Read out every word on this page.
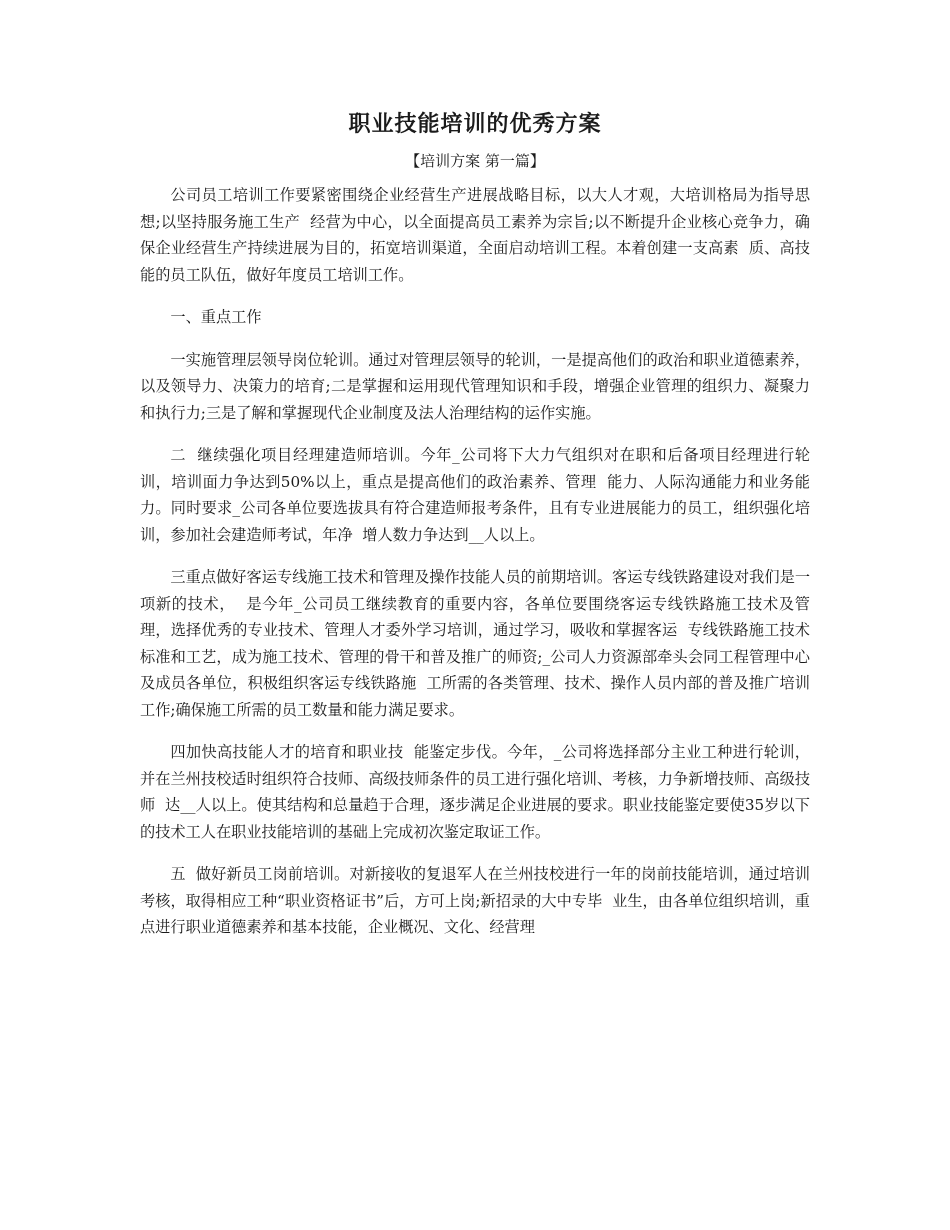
职业技能培训的优秀方案
【培训方案 第一篇】

公司员工培训工作要紧密围绕企业经营生产进展战略目标，以大人才观，大培训格局为指导思想;以坚持服务施工生产  经营为中心，以全面提高员工素养为宗旨;以不断提升企业核心竞争力，确保企业经营生产持续进展为目的，拓宽培训渠道，全面启动培训工程。本着创建一支高素  质、高技能的员工队伍，做好年度员工培训工作。

一、重点工作

一实施管理层领导岗位轮训。通过对管理层领导的轮训，一是提高他们的政治和职业道德素养，以及领导力、决策力的培育;二是掌握和运用现代管理知识和手段，增强企业管理的组织力、凝聚力和执行力;三是了解和掌握现代企业制度及法人治理结构的运作实施。

二  继续强化项目经理建造师培训。今年_公司将下大力气组织对在职和后备项目经理进行轮训，培训面力争达到50%以上，重点是提高他们的政治素养、管理  能力、人际沟通能力和业务能力。同时要求_公司各单位要选拔具有符合建造师报考条件，且有专业进展能力的员工，组织强化培训，参加社会建造师考试，年净  增人数力争达到__人以上。

三重点做好客运专线施工技术和管理及操作技能人员的前期培训。客运专线铁路建设对我们是一项新的技术，  是今年_公司员工继续教育的重要内容，各单位要围绕客运专线铁路施工技术及管理，选择优秀的专业技术、管理人才委外学习培训，通过学习，吸收和掌握客运  专线铁路施工技术标准和工艺，成为施工技术、管理的骨干和普及推广的师资;_公司人力资源部牵头会同工程管理中心及成员各单位，积极组织客运专线铁路施  工所需的各类管理、技术、操作人员内部的普及推广培训工作;确保施工所需的员工数量和能力满足要求。

四加快高技能人才的培育和职业技  能鉴定步伐。今年，_公司将选择部分主业工种进行轮训，并在兰州技校适时组织符合技师、高级技师条件的员工进行强化培训、考核，力争新增技师、高级技师  达__人以上。使其结构和总量趋于合理，逐步满足企业进展的要求。职业技能鉴定要使35岁以下的技术工人在职业技能培训的基础上完成初次鉴定取证工作。

五  做好新员工岗前培训。对新接收的复退军人在兰州技校进行一年的岗前技能培训，通过培训考核，取得相应工种“职业资格证书”后，方可上岗;新招录的大中专毕  业生，由各单位组织培训，重点进行职业道德素养和基本技能，企业概况、文化、经营理
